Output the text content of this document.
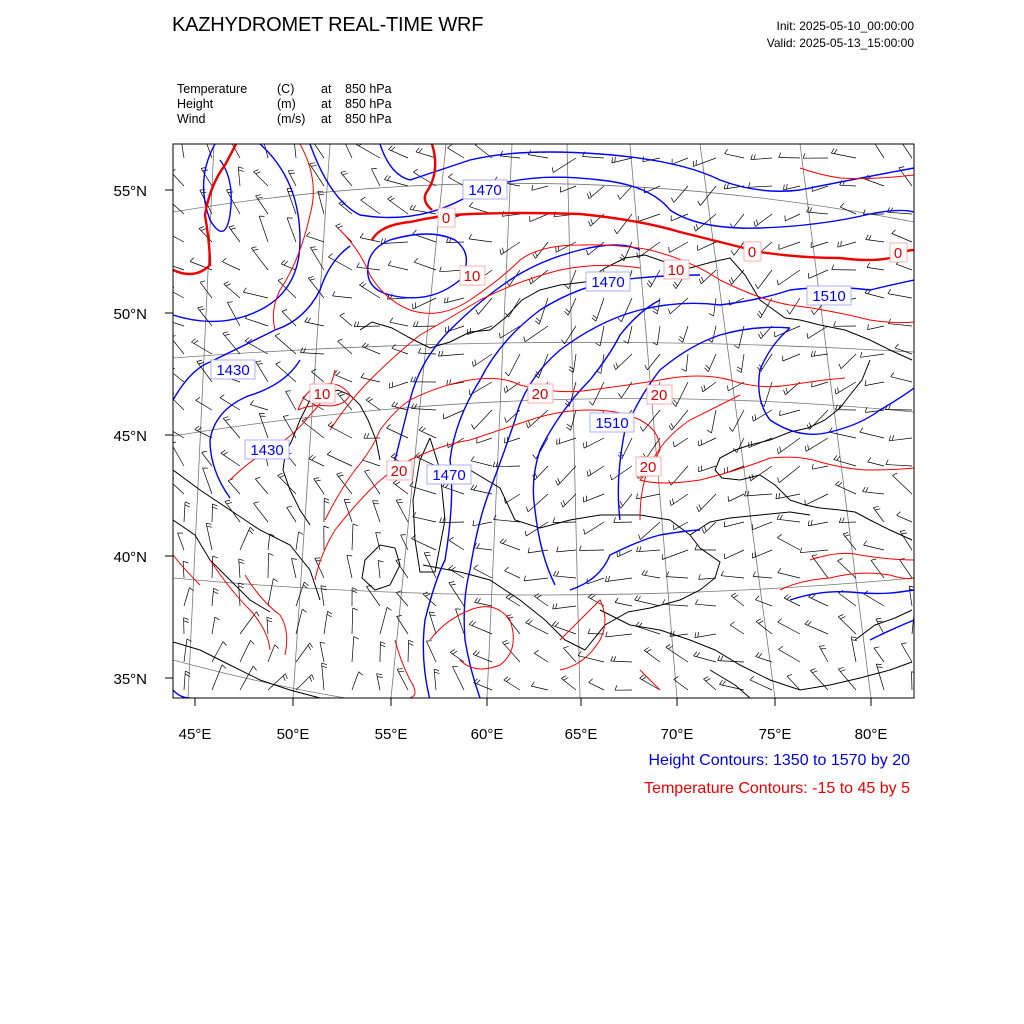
KAZHYDROMET REAL-TIME WRF	Init: 2025-05-10_00:00:00
Valid: 2025-05-13_15:00:00
Temperature (C) at 850 hPa
Height	(m) at 850 hPa
Wind	(m/s) at 850 hPa
55°N
50°N
45°N
40°N
35°N
45°E	50°E	55°E	60°E	65°E	70°E	75°E	80°E
1470
1470
1430
1430
1470
1510
1510
0
0	0
10	10
10	20	20
20	20
Height Contours: 1350 to 1570 by 20
Temperature Contours: -15 to 45 by 5
